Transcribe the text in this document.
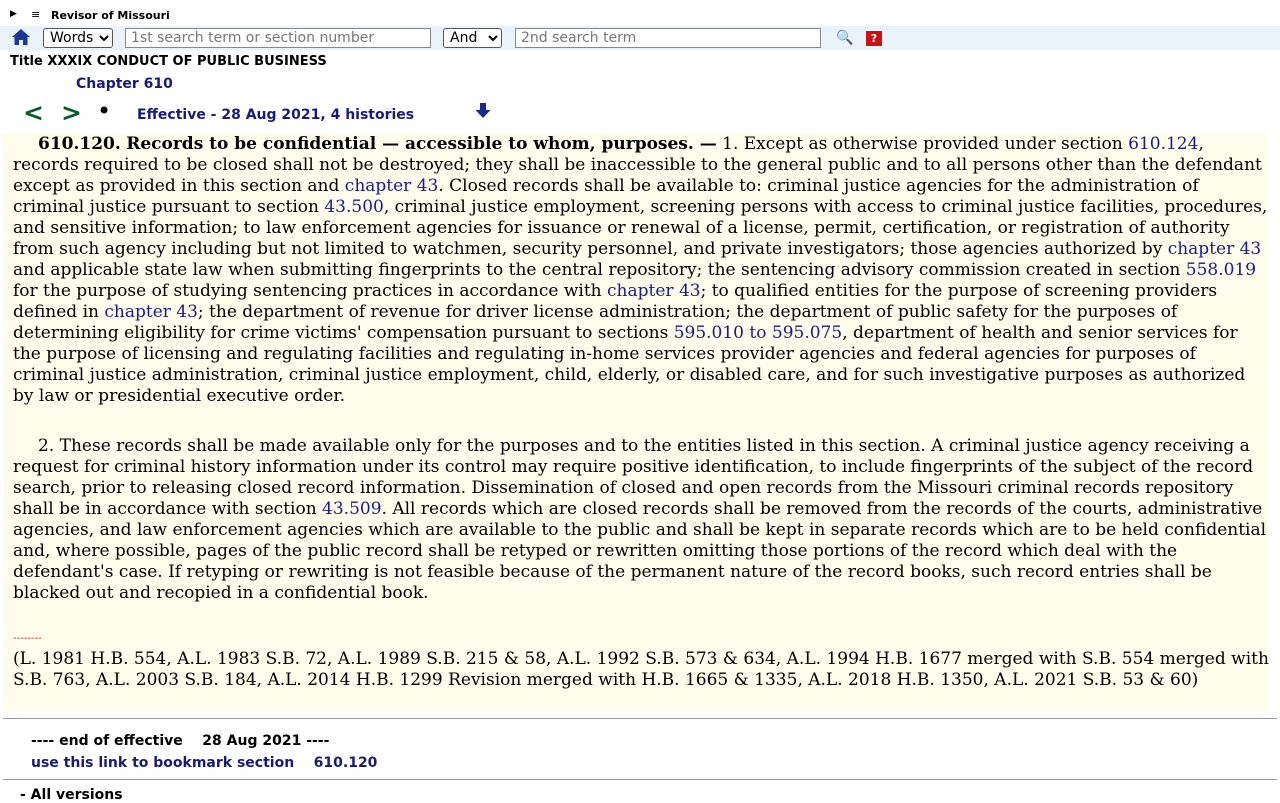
▶ ≡ Revisor of Missouri
Words
1st search term or section number
And
2nd search term
🔍	?
Title XXXIX CONDUCT OF PUBLIC BUSINESS
Chapter 610
< > • Effective - 28 Aug 2021, 4 histories

610.120. Records to be confidential — accessible to whom, purposes. — 1. Except as otherwise provided under section 610.124, records required to be closed shall not be destroyed; they shall be inaccessible to the general public and to all persons other than the defendant except as provided in this section and chapter 43. Closed records shall be available to: criminal justice agencies for the administration of criminal justice pursuant to section 43.500, criminal justice employment, screening persons with access to criminal justice facilities, procedures, and sensitive information; to law enforcement agencies for issuance or renewal of a license, permit, certification, or registration of authority from such agency including but not limited to watchmen, security personnel, and private investigators; those agencies authorized by chapter 43 and applicable state law when submitting fingerprints to the central repository; the sentencing advisory commission created in section 558.019 for the purpose of studying sentencing practices in accordance with chapter 43; to qualified entities for the purpose of screening providers defined in chapter 43; the department of revenue for driver license administration; the department of public safety for the purposes of determining eligibility for crime victims' compensation pursuant to sections 595.010 to 595.075, department of health and senior services for the purpose of licensing and regulating facilities and regulating in-home services provider agencies and federal agencies for purposes of criminal justice administration, criminal justice employment, child, elderly, or disabled care, and for such investigative purposes as authorized by law or presidential executive order.

2. These records shall be made available only for the purposes and to the entities listed in this section. A criminal justice agency receiving a request for criminal history information under its control may require positive identification, to include fingerprints of the subject of the record search, prior to releasing closed record information. Dissemination of closed and open records from the Missouri criminal records repository shall be in accordance with section 43.509. All records which are closed records shall be removed from the records of the courts, administrative agencies, and law enforcement agencies which are available to the public and shall be kept in separate records which are to be held confidential and, where possible, pages of the public record shall be retyped or rewritten omitting those portions of the record which deal with the defendant's case. If retyping or rewriting is not feasible because of the permanent nature of the record books, such record entries shall be blacked out and recopied in a confidential book.

--------

(L. 1981 H.B. 554, A.L. 1983 S.B. 72, A.L. 1989 S.B. 215 & 58, A.L. 1992 S.B. 573 & 634, A.L. 1994 H.B. 1677 merged with S.B. 554 merged with S.B. 763, A.L. 2003 S.B. 184, A.L. 2014 H.B. 1299 Revision merged with H.B. 1665 & 1335, A.L. 2018 H.B. 1350, A.L. 2021 S.B. 53 & 60)

---- end of effective    28 Aug 2021 ----
use this link to bookmark section    610.120
- All versions
